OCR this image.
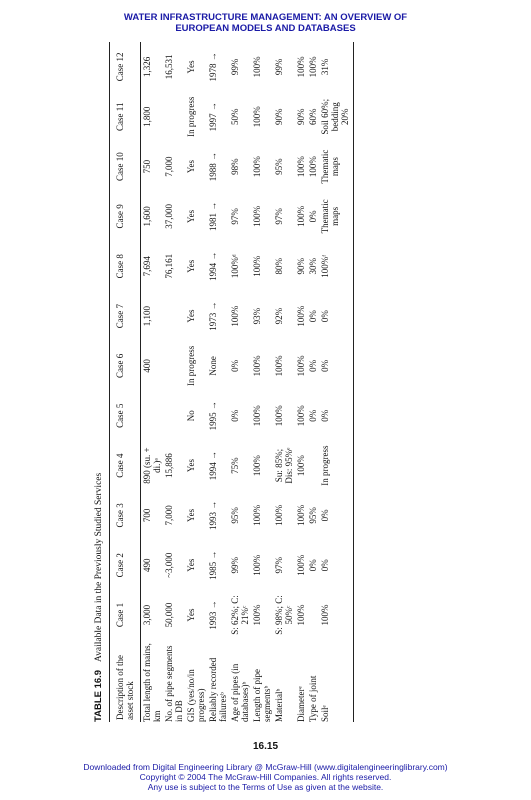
WATER INFRASTRUCTURE MANAGEMENT: AN OVERVIEW OF
EUROPEAN MODELS AND DATABASES
TABLE 16.9 Available Data in the Previously Studied Services
Description of the asset stock	Case 1	Case 2	Case 3	Case 4	Case 5	Case 6	Case 7	Case 8	Case 9	Case 10	Case 11	Case 12

Total length of mains, km	3,000	490	700	890 (su. + di.)ᵃ		400	1,100	7,694	1,600	750	1,800	1,326
No. of pipe segments in DB	50,000	~3,000	7,000	15,886				76,161	37,000	7,000		16,531
GIS (yes/no/in progress)	Yes	Yes	Yes	Yes	No	In progress	Yes	Yes	Yes	Yes	In progress	Yes
Reliably recorded failuresᵇ	1993 →	1985 →	1993 →	1994 →	1995 →	None	1973 →	1994 →	1981 →	1988 →	1997 →	1978 →
Age of pipes (in databases)ᵇ	S: 62%; C: 21%ᶜ	99%	95%	75%	0%	0%	100%	100%ᵈ	97%	98%	50%	99%
Length of pipe segmentsᵇ	100%	100%	100%	100%	100%	100%	93%	100%	100%	100%	100%	100%
Materialᵇ	S: 98%; C: 50%ᶜ	97%	100%	Su: 85%; Dis: 95%ᵉ	100%	100%	92%	80%	97%	95%	90%	99%
Diameterᵉ	100%	100%	100%	100%	100%	100%	100%	90%	100%	100%	90%	100%
Type of joint		0%	95%		0%	0%	0%	30%	0%	100%	60%	100%
Soilᵉ	100%	0%	0%	In progress	0%	0%	0%	100%ᶠ	Thematic maps	Thematic maps	Soil 60%; bedding 20%	31%
16.15
Downloaded from Digital Engineering Library @ McGraw-Hill (www.digitalengineeringlibrary.com)
Copyright © 2004 The McGraw-Hill Companies. All rights reserved.
Any use is subject to the Terms of Use as given at the website.
